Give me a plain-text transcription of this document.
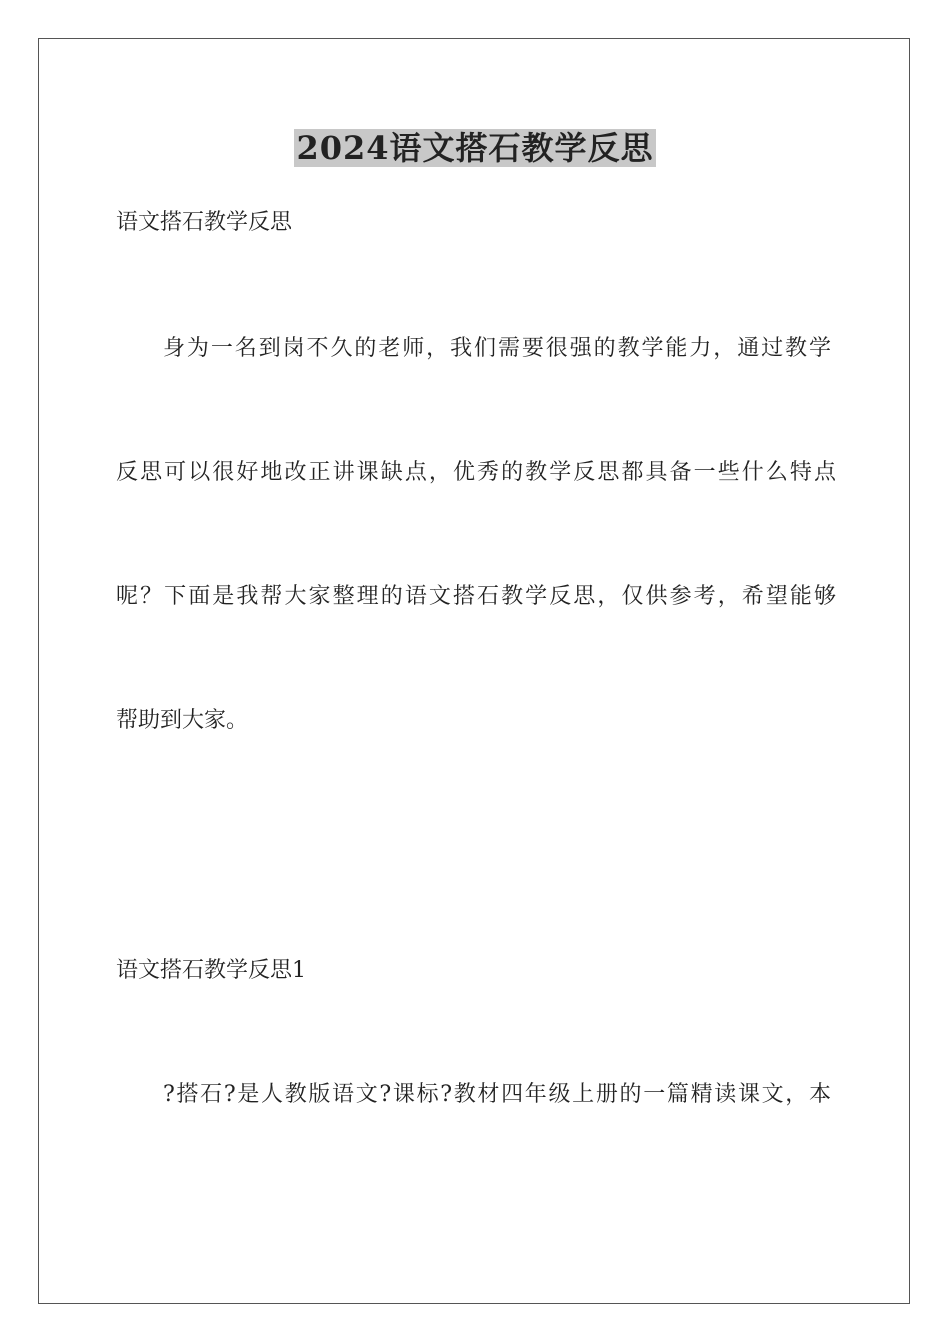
2024语文搭石教学反思

语文搭石教学反思

身为一名到岗不久的老师，我们需要很强的教学能力，通过教学

反思可以很好地改正讲课缺点，优秀的教学反思都具备一些什么特点

呢？下面是我帮大家整理的语文搭石教学反思，仅供参考，希望能够

帮助到大家。

语文搭石教学反思1

?搭石?是人教版语文?课标?教材四年级上册的一篇精读课文，本
